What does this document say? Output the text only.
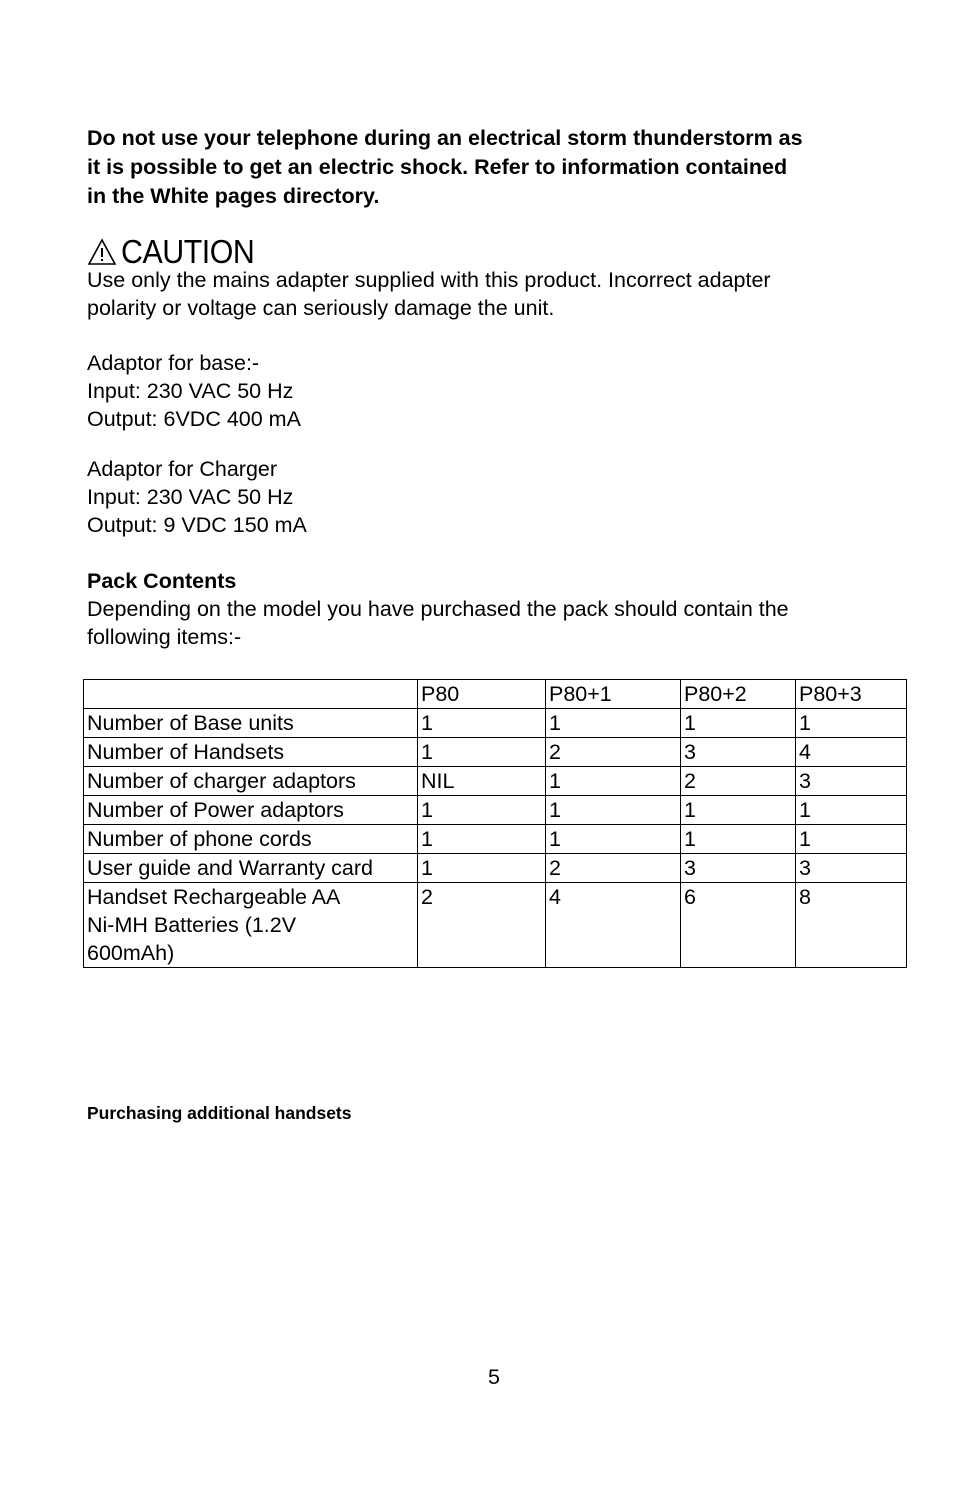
Do not use your telephone during an electrical storm thunderstorm as
it is possible to get an electric shock. Refer to information contained
in the White pages directory.

CAUTION

Use only the mains adapter supplied with this product. Incorrect adapter
polarity or voltage can seriously damage the unit.

Adaptor for base:-
Input: 230 VAC 50 Hz
Output: 6VDC 400 mA

Adaptor for Charger
Input: 230 VAC 50 Hz
Output: 9 VDC 150 mA

Pack Contents
Depending on the model you have purchased the pack should contain the
following items:-

	P80	P80+1	P80+2	P80+3
Number of Base units	1	1	1	1
Number of Handsets	1	2	3	4
Number of charger adaptors	NIL	1	2	3
Number of Power adaptors	1	1	1	1
Number of phone cords	1	1	1	1
User guide and Warranty card	1	2	3	3

Handset Rechargeable AA
Ni-MH Batteries (1.2V
600mAh)	2	4	6	8
Purchasing additional handsets
5
